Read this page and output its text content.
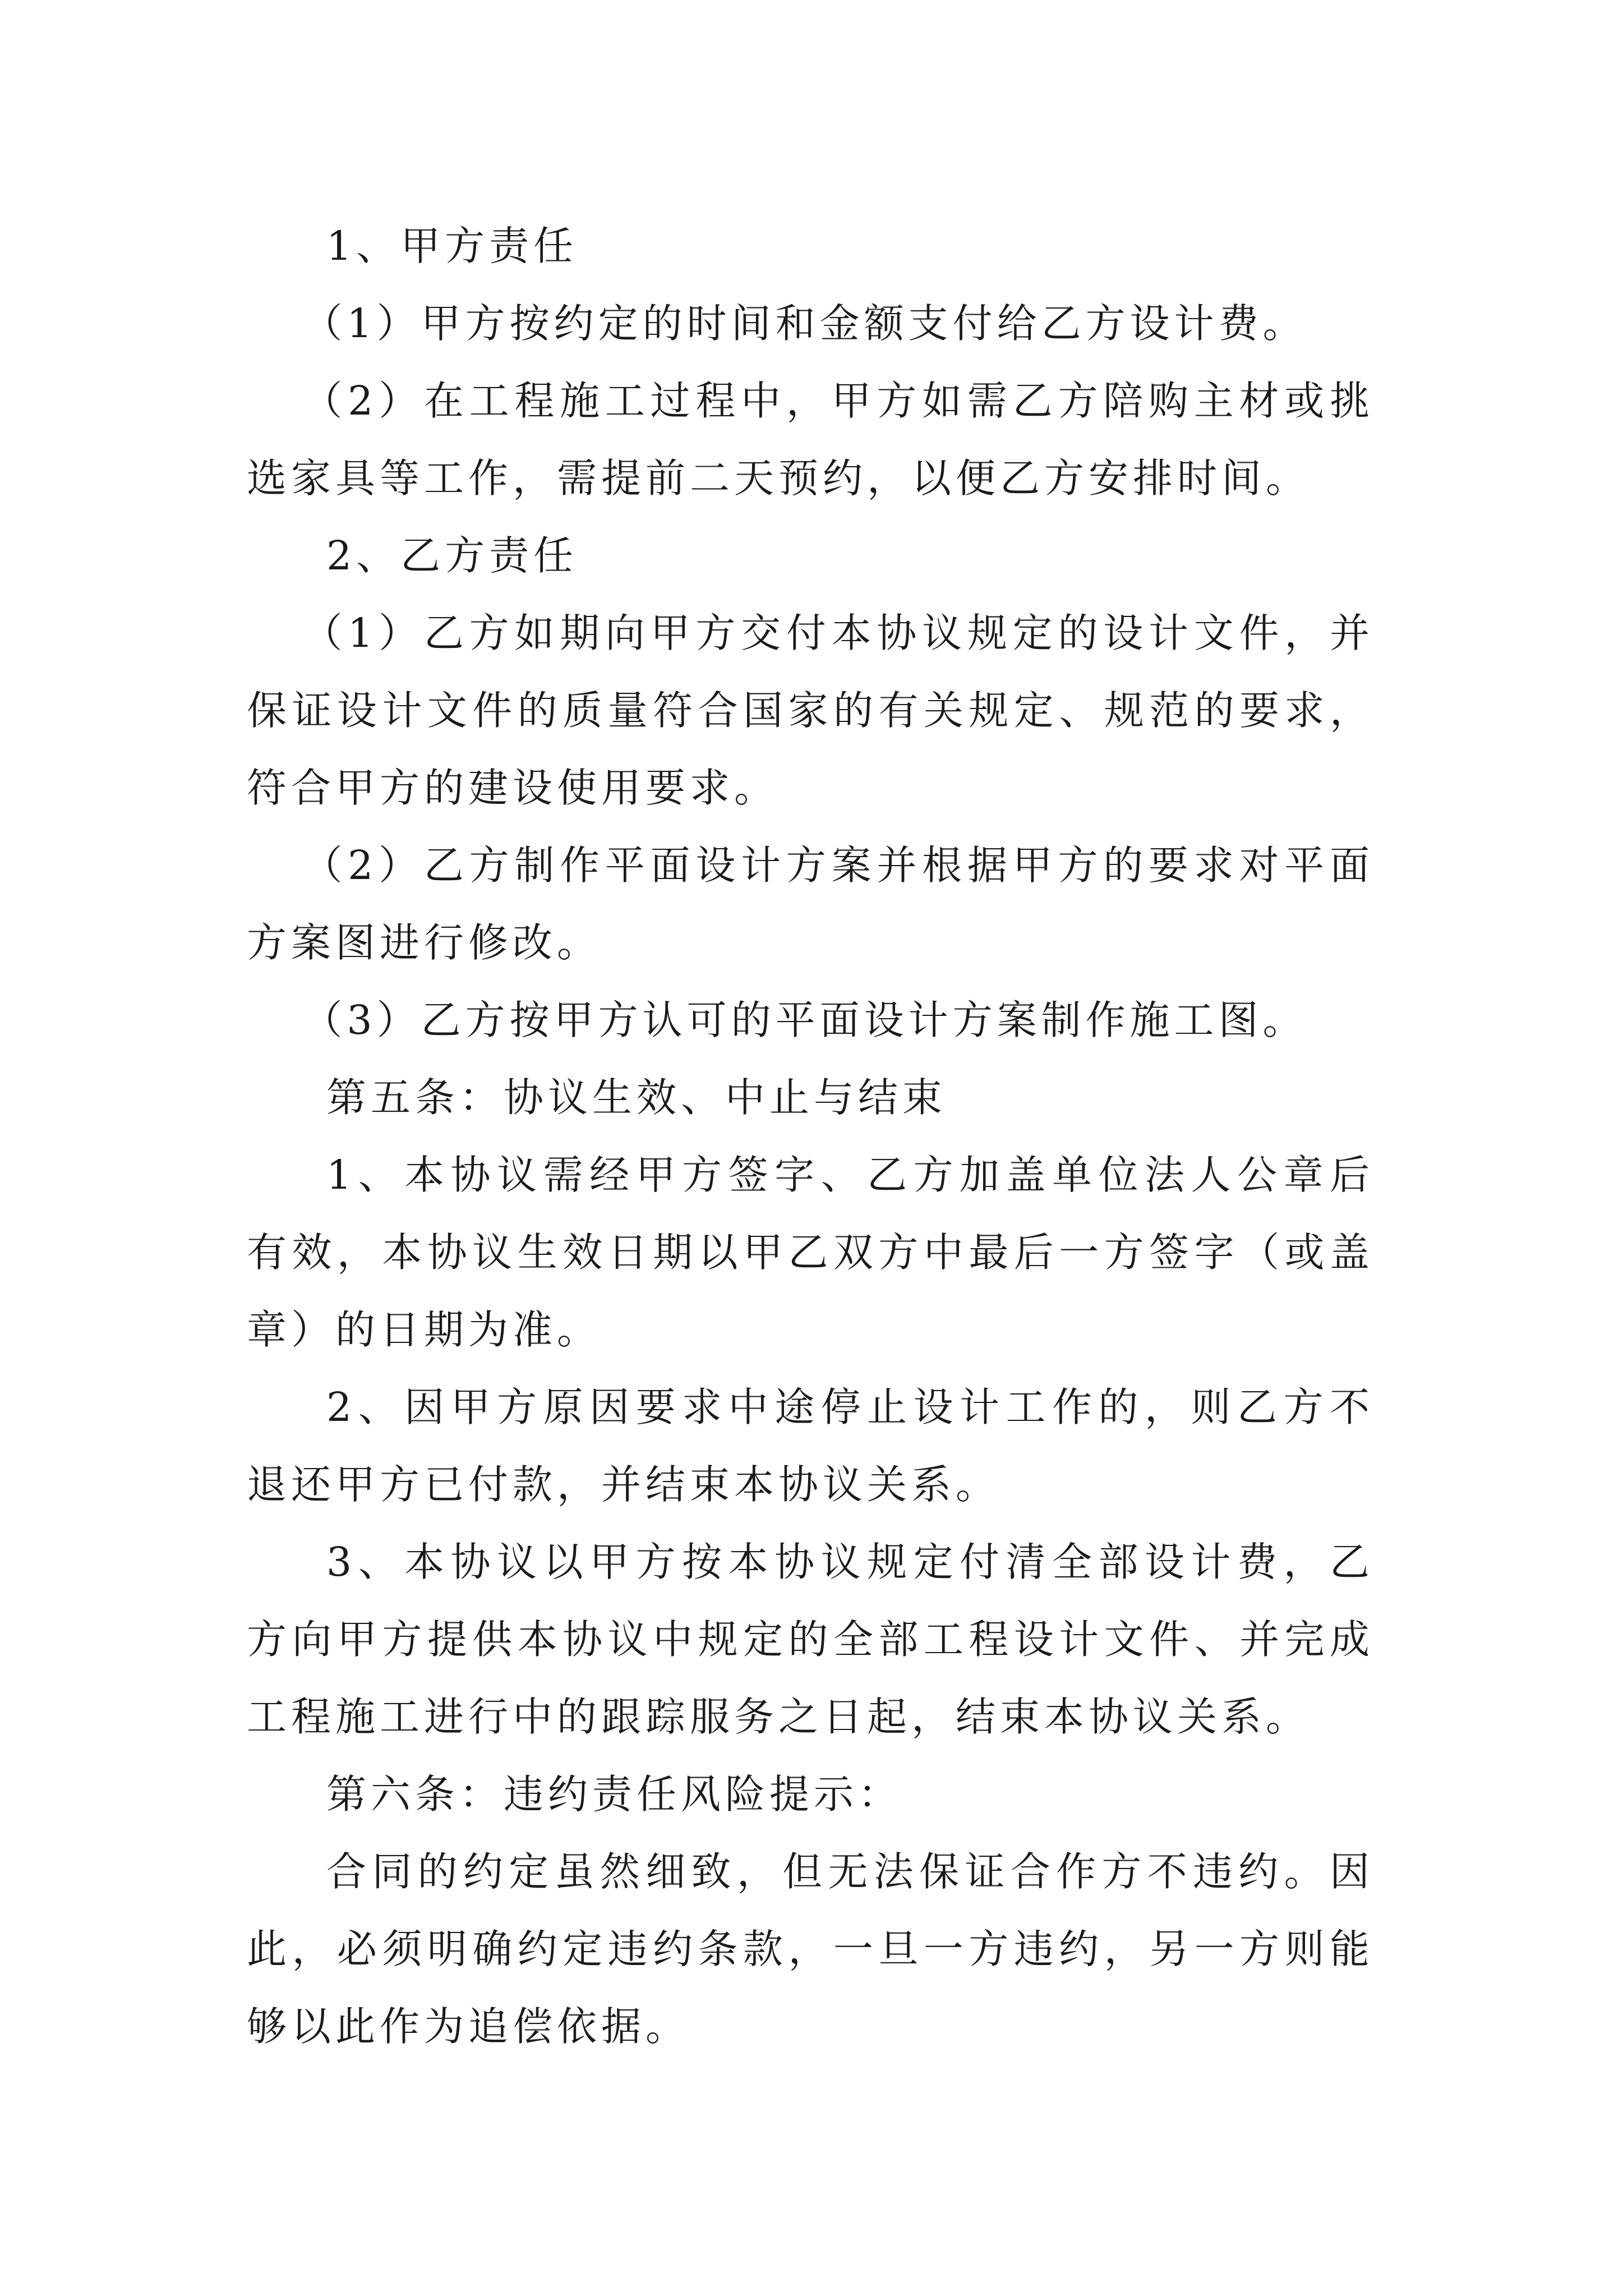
1、甲方责任

（1）甲方按约定的时间和金额支付给乙方设计费。

（2）在工程施工过程中，甲方如需乙方陪购主材或挑选家具等工作，需提前二天预约，以便乙方安排时间。

2、乙方责任

（1）乙方如期向甲方交付本协议规定的设计文件，并保证设计文件的质量符合国家的有关规定、规范的要求，符合甲方的建设使用要求。

（2）乙方制作平面设计方案并根据甲方的要求对平面方案图进行修改。

（3）乙方按甲方认可的平面设计方案制作施工图。

第五条：协议生效、中止与结束

1、本协议需经甲方签字、乙方加盖单位法人公章后有效，本协议生效日期以甲乙双方中最后一方签字（或盖章）的日期为准。

2、因甲方原因要求中途停止设计工作的，则乙方不退还甲方已付款，并结束本协议关系。

3、本协议以甲方按本协议规定付清全部设计费，乙方向甲方提供本协议中规定的全部工程设计文件、并完成工程施工进行中的跟踪服务之日起，结束本协议关系。

第六条：违约责任风险提示：

合同的约定虽然细致，但无法保证合作方不违约。因此，必须明确约定违约条款，一旦一方违约，另一方则能够以此作为追偿依据。
